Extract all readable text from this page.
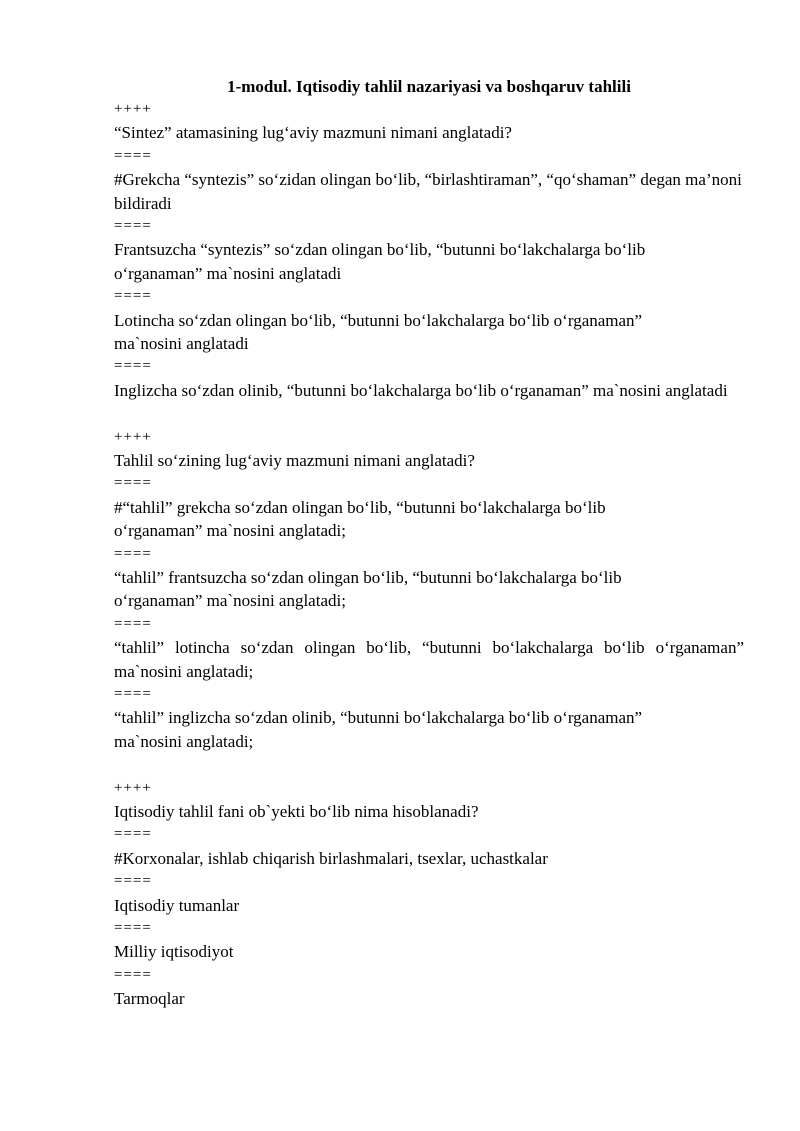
1-modul. Iqtisodiy tahlil nazariyasi va boshqaruv tahlili

++++

“Sintez” atamasining lug‘aviy mazmuni nimani anglatadi?

====

#Grekcha “syntezis” so‘zidan olingan bo‘lib, “birlashtiraman”, “qo‘shaman” degan ma’noni bildiradi

====

Frantsuzcha “syntezis” so‘zdan olingan bo‘lib, “butunni bo‘lakchalarga bo‘lib o‘rganaman” ma`nosini anglatadi

====

Lotincha so‘zdan olingan bo‘lib, “butunni bo‘lakchalarga bo‘lib o‘rganaman” ma`nosini anglatadi

====

Inglizcha so‘zdan olinib, “butunni bo‘lakchalarga bo‘lib o‘rganaman” ma`nosini anglatadi

++++

Tahlil so‘zining lug‘aviy mazmuni nimani anglatadi?

====

#“tahlil” grekcha so‘zdan olingan bo‘lib, “butunni bo‘lakchalarga bo‘lib o‘rganaman” ma`nosini anglatadi;

====

“tahlil” frantsuzcha so‘zdan olingan bo‘lib, “butunni bo‘lakchalarga bo‘lib o‘rganaman” ma`nosini anglatadi;

====

“tahlil” lotincha so‘zdan olingan bo‘lib, “butunni bo‘lakchalarga bo‘lib o‘rganaman” ma`nosini anglatadi;

====

“tahlil” inglizcha so‘zdan olinib, “butunni bo‘lakchalarga bo‘lib o‘rganaman” ma`nosini anglatadi;

++++

Iqtisodiy tahlil fani ob`yekti bo‘lib nima hisoblanadi?

====

#Korxonalar, ishlab chiqarish birlashmalari, tsexlar, uchastkalar

====

Iqtisodiy tumanlar

====

Milliy iqtisodiyot

====

Tarmoqlar
